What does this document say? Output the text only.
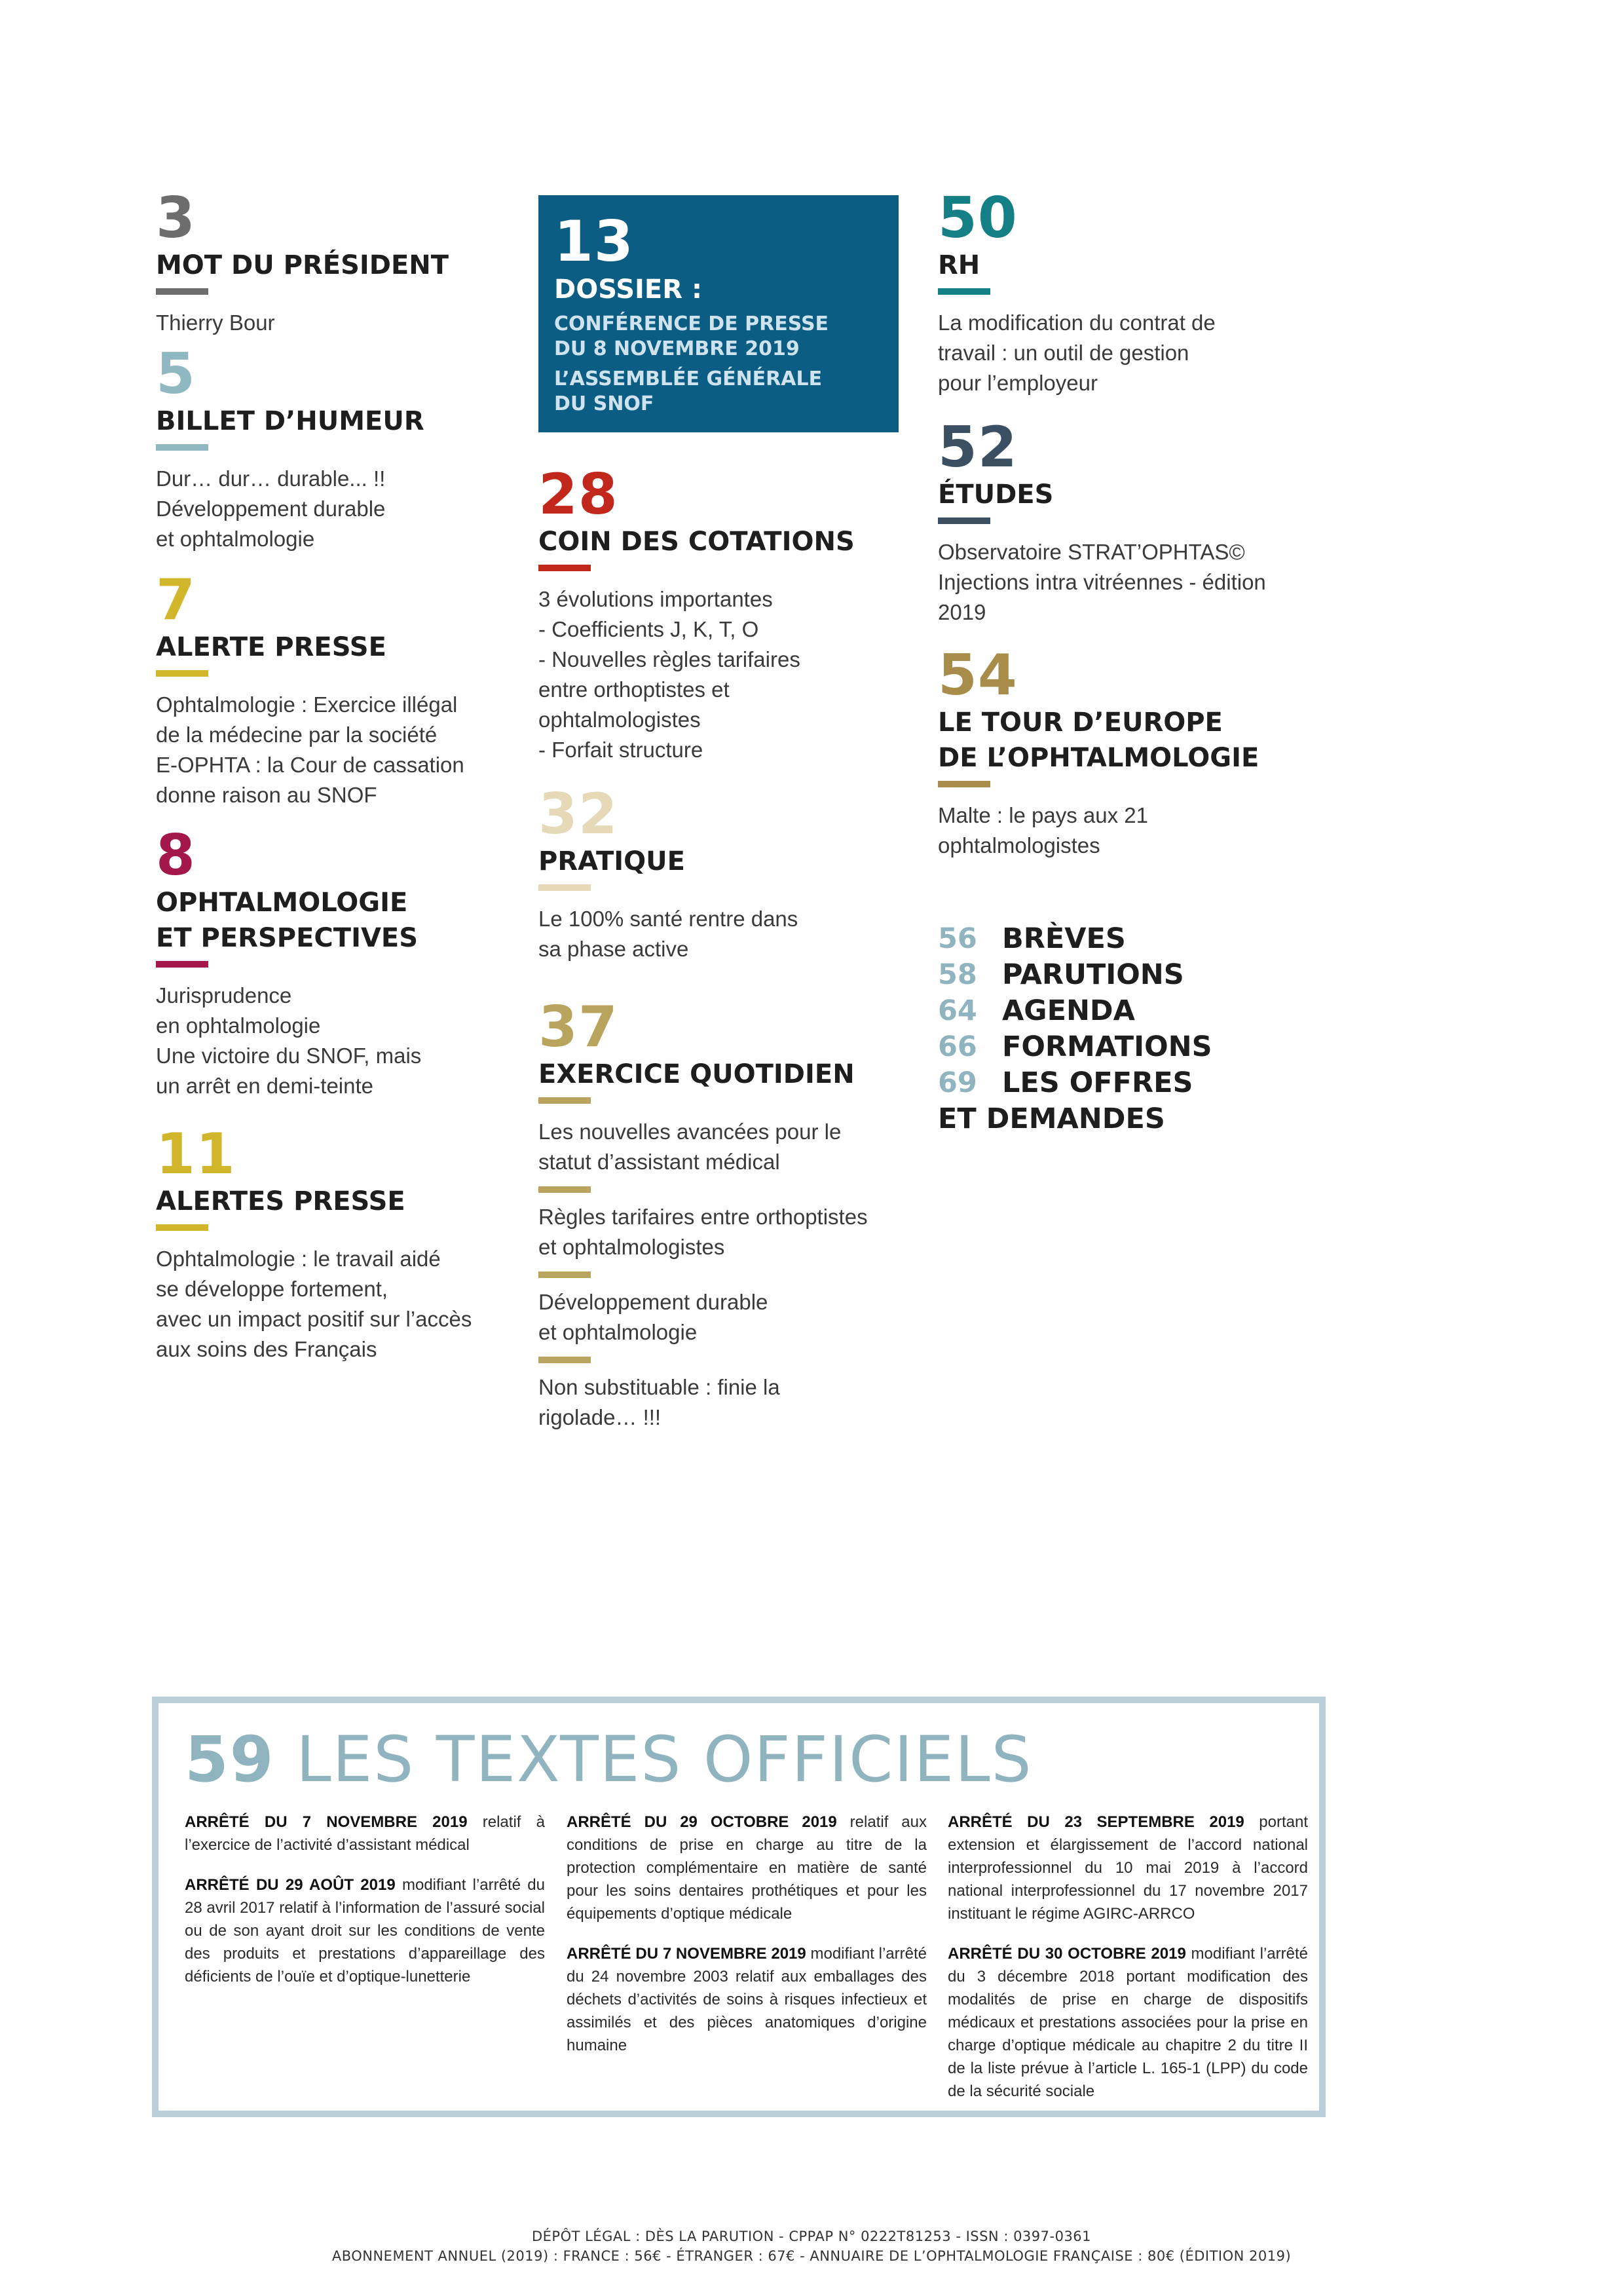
3
MOT DU PRÉSIDENT
Thierry Bour
5
BILLET D’HUMEUR
Dur… dur… durable... !!
Développement durable
et ophtalmologie
7
ALERTE PRESSE
Ophtalmologie : Exercice illégal
de la médecine par la société
E-OPHTA : la Cour de cassation
donne raison au SNOF
8
OPHTALMOLOGIE
ET PERSPECTIVES
Jurisprudence
en ophtalmologie
Une victoire du SNOF, mais
un arrêt en demi-teinte
11
ALERTES PRESSE
Ophtalmologie : le travail aidé
se développe fortement,
avec un impact positif sur l’accès
aux soins des Français
13
DOSSIER :
CONFÉRENCE DE PRESSE
DU 8 NOVEMBRE 2019
L’ASSEMBLÉE GÉNÉRALE
DU SNOF
28
COIN DES COTATIONS
3 évolutions importantes
- Coefficients J, K, T, O
- Nouvelles règles tarifaires
entre orthoptistes et
ophtalmologistes
- Forfait structure
32
PRATIQUE
Le 100% santé rentre dans
sa phase active
37
EXERCICE QUOTIDIEN
Les nouvelles avancées pour le
statut d’assistant médical
Règles tarifaires entre orthoptistes
et ophtalmologistes
Développement durable
et ophtalmologie
Non substituable : finie la
rigolade… !!!
50
RH
La modification du contrat de
travail : un outil de gestion
pour l’employeur
52
ÉTUDES
Observatoire STRAT’OPHTAS©
Injections intra vitréennes - édition
2019
54
LE TOUR D’EUROPE
DE L’OPHTALMOLOGIE
Malte : le pays aux 21
ophtalmologistes
56 BRÈVES
58 PARUTIONS
64 AGENDA
66 FORMATIONS
69 LES OFFRES
ET DEMANDES
59 LES TEXTES OFFICIELS

ARRÊTÉ DU 7 NOVEMBRE 2019 relatif à l’exercice de l’activité d’assistant médical

ARRÊTÉ DU 29 AOÛT 2019 modifiant l’arrêté du 28 avril 2017 relatif à l’information de l’assuré social ou de son ayant droit sur les conditions de vente des produits et prestations d’appareillage des déficients de l’ouïe et d’optique-lunetterie

ARRÊTÉ DU 29 OCTOBRE 2019 relatif aux conditions de prise en charge au titre de la protection complémentaire en matière de santé pour les soins dentaires prothétiques et pour les équipements d’optique médicale

ARRÊTÉ DU 7 NOVEMBRE 2019 modifiant l’arrêté du 24 novembre 2003 relatif aux emballages des déchets d’activités de soins à risques infectieux et assimilés et des pièces anatomiques d’origine humaine

ARRÊTÉ DU 23 SEPTEMBRE 2019 portant extension et élargissement de l’accord national interprofessionnel du 10 mai 2019 à l’accord national interprofessionnel du 17 novembre 2017 instituant le régime AGIRC-ARRCO

ARRÊTÉ DU 30 OCTOBRE 2019 modifiant l’arrêté du 3 décembre 2018 portant modification des modalités de prise en charge de dispositifs médicaux et prestations associées pour la prise en charge d’optique médicale au chapitre 2 du titre II de la liste prévue à l’article L. 165-1 (LPP) du code de la sécurité sociale

DÉPÔT LÉGAL : DÈS LA PARUTION - CPPAP N° 0222T81253 - ISSN : 0397-0361
ABONNEMENT ANNUEL (2019) : FRANCE : 56€ - ÉTRANGER : 67€ - ANNUAIRE DE L’OPHTALMOLOGIE FRANÇAISE : 80€ (ÉDITION 2019)
